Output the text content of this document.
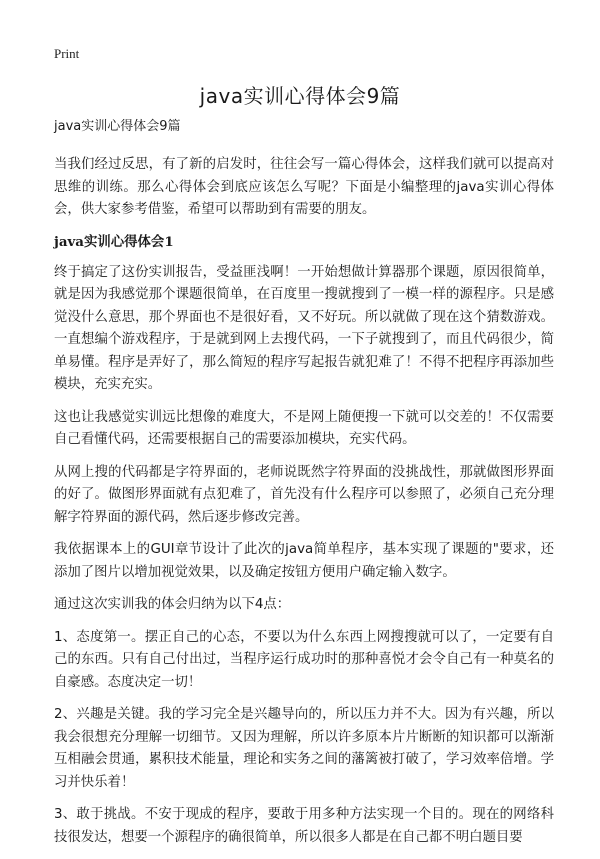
Print
java实训心得体会9篇

java实训心得体会9篇

当我们经过反思，有了新的启发时，往往会写一篇心得体会，这样我们就可以提高对思维的训练。那么心得体会到底应该怎么写呢？下面是小编整理的java实训心得体会，供大家参考借鉴，希望可以帮助到有需要的朋友。

java实训心得体会1

终于搞定了这份实训报告，受益匪浅啊！一开始想做计算器那个课题，原因很简单，就是因为我感觉那个课题很简单，在百度里一搜就搜到了一模一样的源程序。只是感觉没什么意思，那个界面也不是很好看，又不好玩。所以就做了现在这个猜数游戏。一直想编个游戏程序，于是就到网上去搜代码，一下子就搜到了，而且代码很少，简单易懂。程序是弄好了，那么简短的程序写起报告就犯难了！不得不把程序再添加些模块，充实充实。

这也让我感觉实训远比想像的难度大，不是网上随便搜一下就可以交差的！不仅需要自己看懂代码，还需要根据自己的需要添加模块，充实代码。

从网上搜的代码都是字符界面的，老师说既然字符界面的没挑战性，那就做图形界面的好了。做图形界面就有点犯难了，首先没有什么程序可以参照了，必须自己充分理解字符界面的源代码，然后逐步修改完善。

我依据课本上的GUI章节设计了此次的java简单程序，基本实现了课题的"要求，还添加了图片以增加视觉效果，以及确定按钮方便用户确定输入数字。

通过这次实训我的体会归纳为以下4点：

1、态度第一。摆正自己的心态，不要以为什么东西上网搜搜就可以了，一定要有自己的东西。只有自己付出过，当程序运行成功时的那种喜悦才会令自己有一种莫名的自豪感。态度决定一切！

2、兴趣是关键。我的学习完全是兴趣导向的，所以压力并不大。因为有兴趣，所以我会很想充分理解一切细节。又因为理解，所以许多原本片片断断的知识都可以渐渐互相融会贯通，累积技术能量，理论和实务之间的藩篱被打破了，学习效率倍增。学习并快乐着！

3、敢于挑战。不安于现成的程序，要敢于用多种方法实现一个目的。现在的网络科技很发达，想要一个源程序的确很简单，所以很多人都是在自己都不明白题目要
